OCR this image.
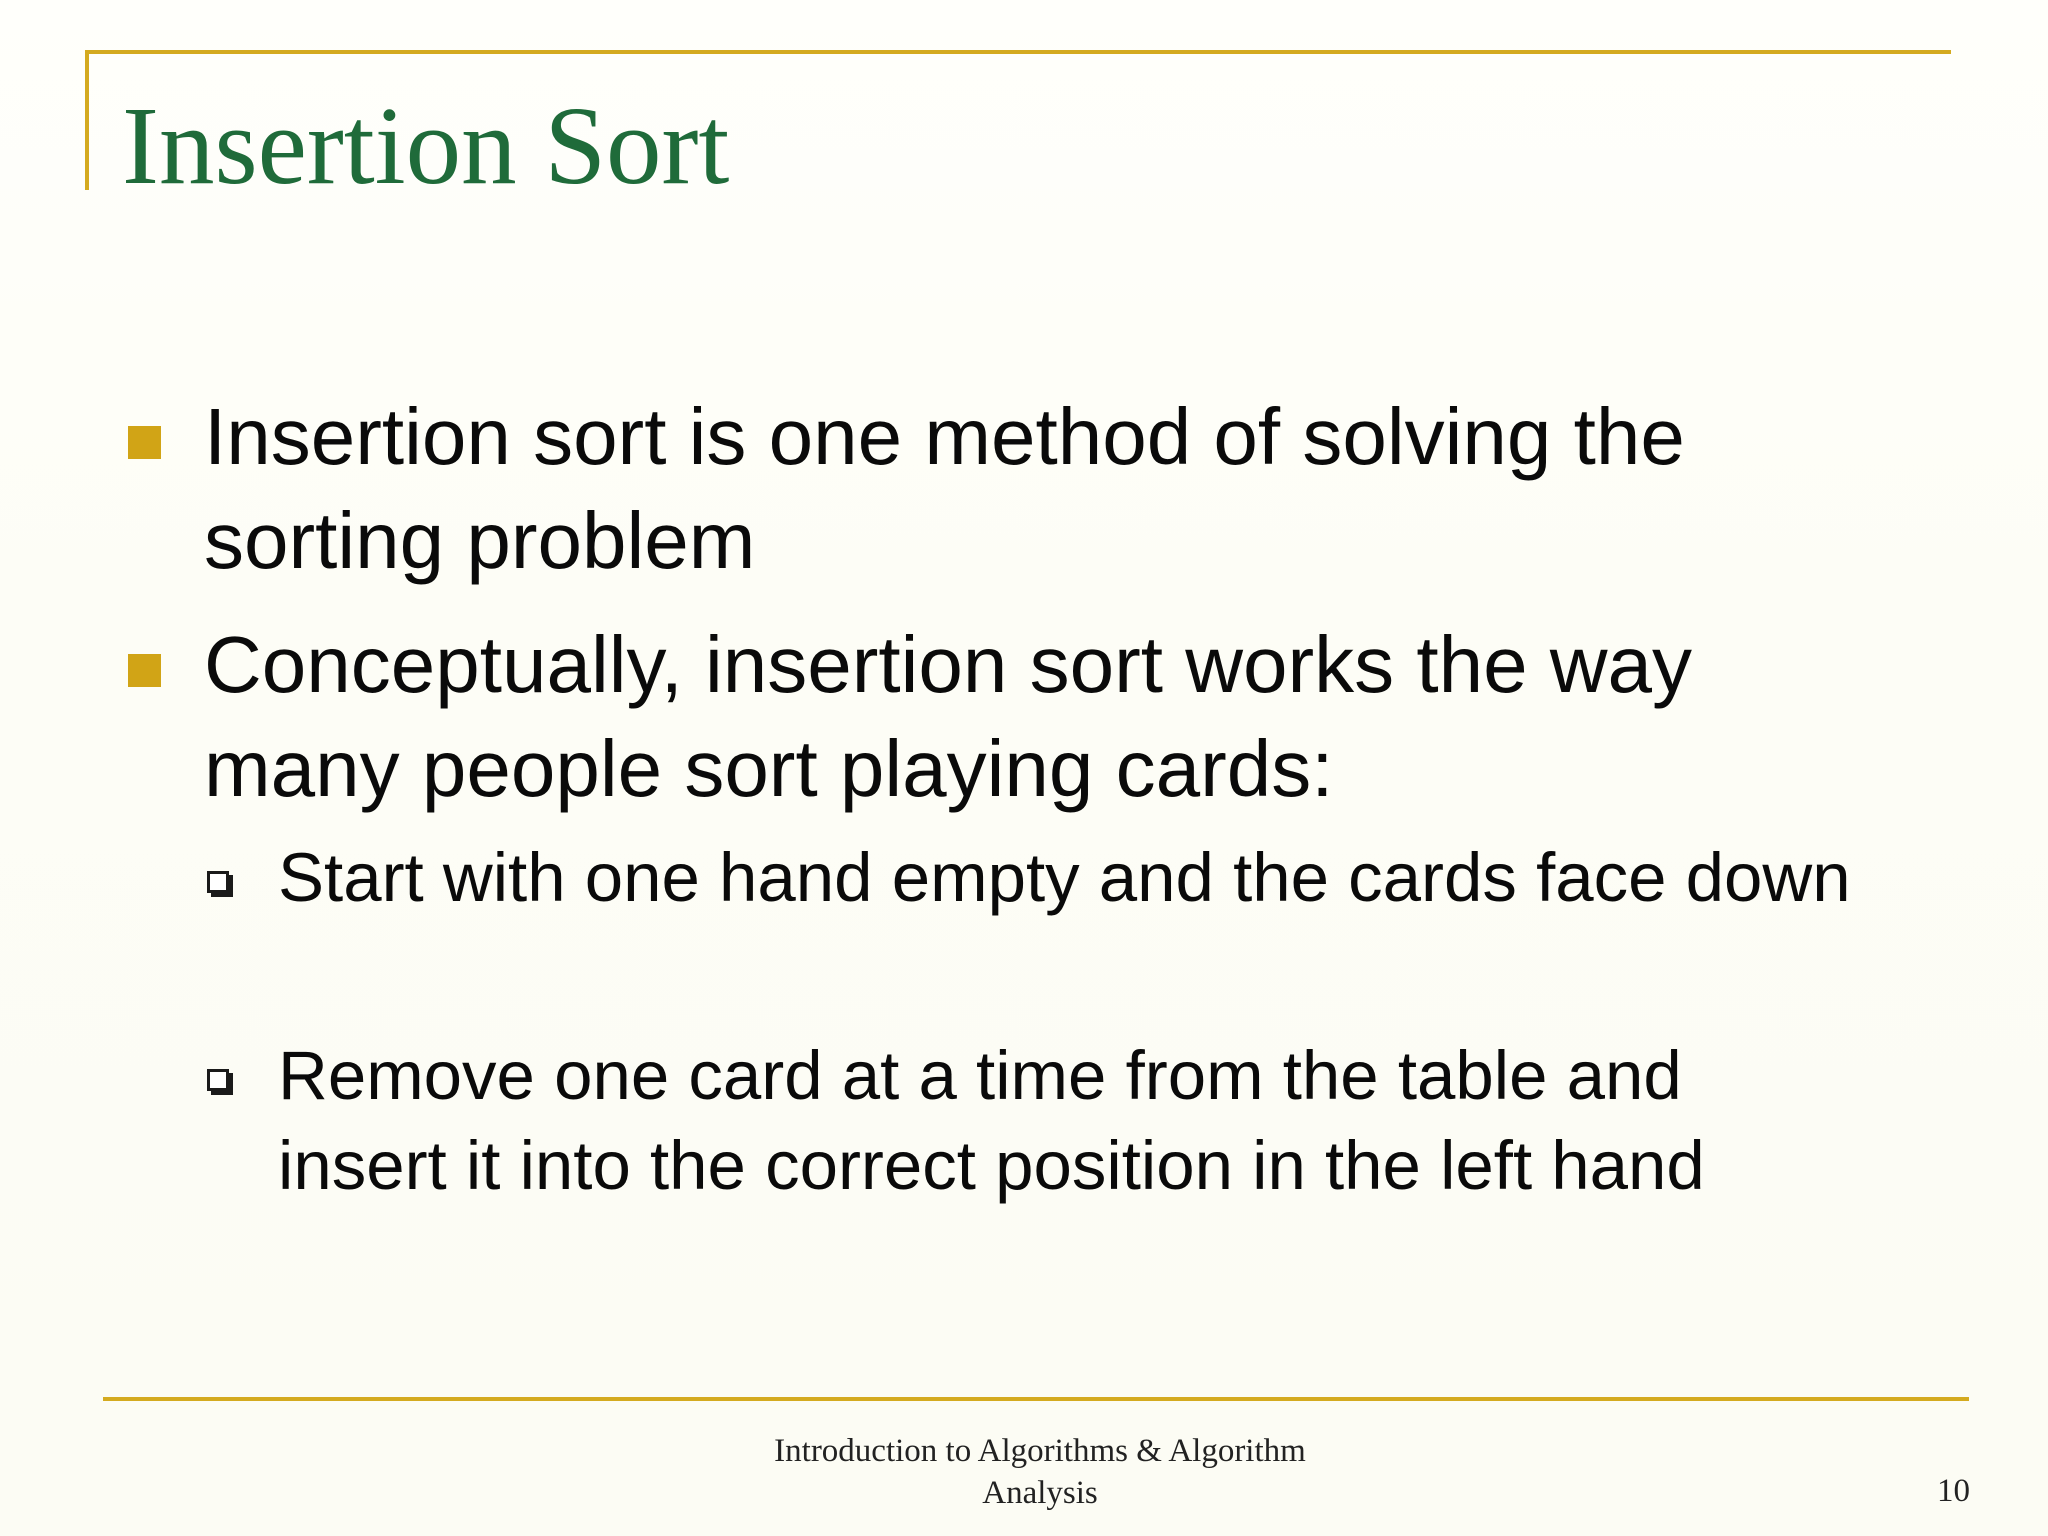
Insertion Sort
Insertion sort is one method of solving the sorting problem
Conceptually, insertion sort works the way many people sort playing cards:
Start with one hand empty and the cards face down
Remove one card at a time from the table and insert it into the correct position in the left hand
Introduction to Algorithms & Algorithm Analysis	10
